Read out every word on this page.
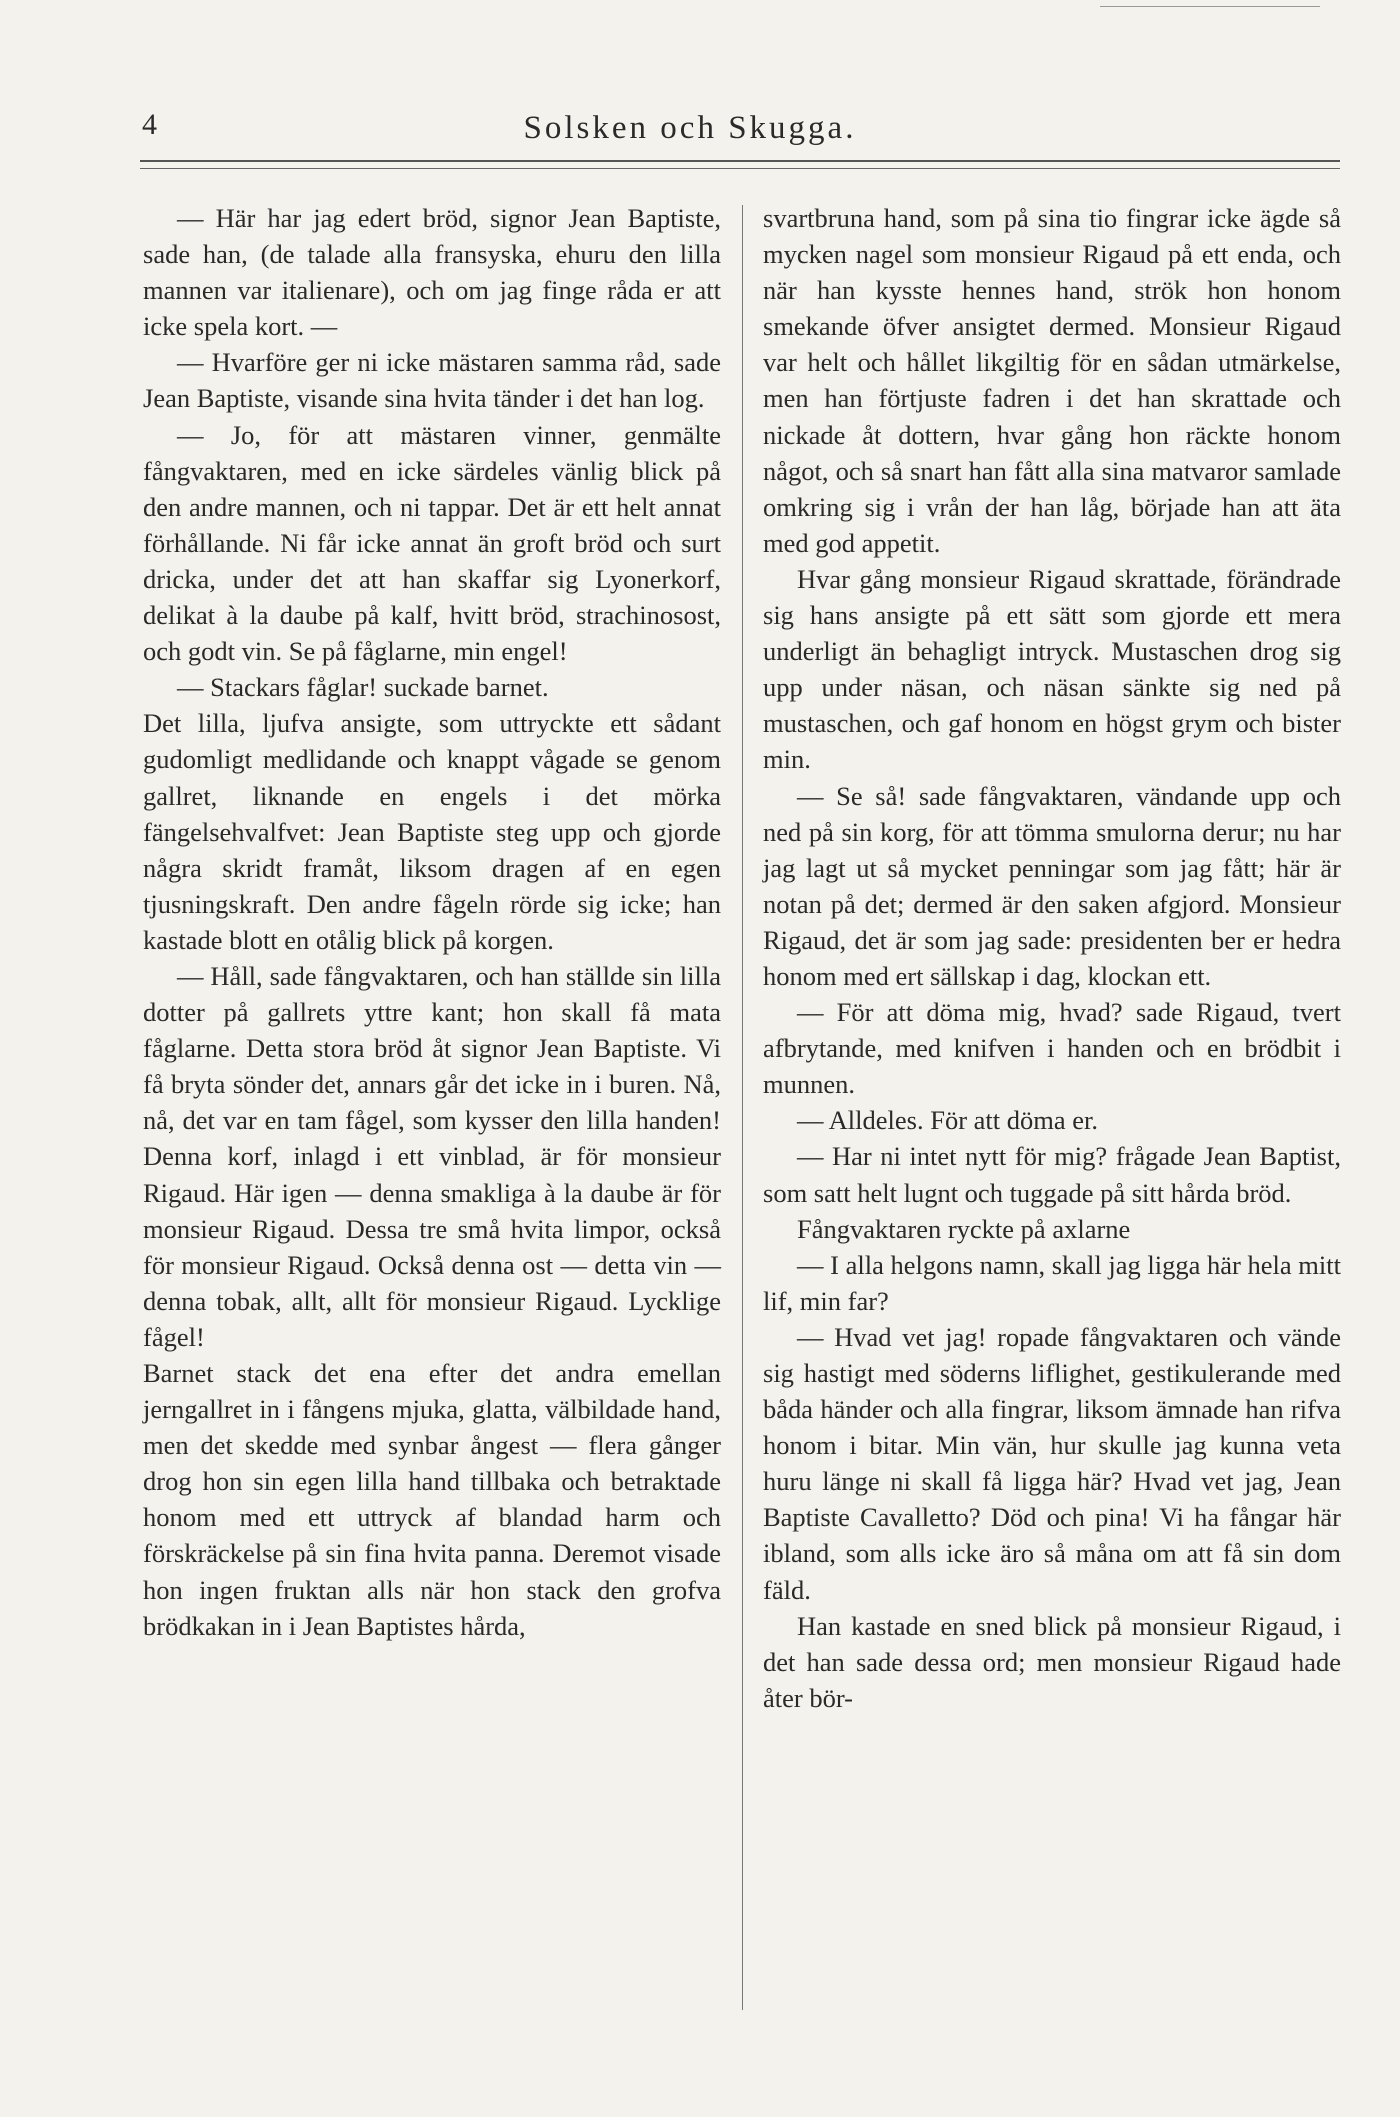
4	Solsken och Skugga.

— Här har jag edert bröd, signor Jean Baptiste, sade han, (de talade alla fransyska, ehuru den lilla mannen var italienare), och om jag finge råda er att icke spela kort. —

— Hvarföre ger ni icke mästaren samma råd, sade Jean Baptiste, visande sina hvita tänder i det han log.

— Jo, för att mästaren vinner, genmälte fångvaktaren, med en icke särdeles vänlig blick på den andre mannen, och ni tappar. Det är ett helt annat förhållande. Ni får icke annat än groft bröd och surt dricka, under det att han skaffar sig Lyonerkorf, delikat à la daube på kalf, hvitt bröd, strachinosost, och godt vin. Se på fåglarne, min engel!

— Stackars fåglar! suckade barnet.

Det lilla, ljufva ansigte, som uttryckte ett sådant gudomligt medlidande och knappt vågade se genom gallret, liknande en engels i det mörka fängelsehvalfvet: Jean Baptiste steg upp och gjorde några skridt framåt, liksom dragen af en egen tjusningskraft. Den andre fågeln rörde sig icke; han kastade blott en otålig blick på korgen.

— Håll, sade fångvaktaren, och han ställde sin lilla dotter på gallrets yttre kant; hon skall få mata fåglarne. Detta stora bröd åt signor Jean Baptiste. Vi få bryta sönder det, annars går det icke in i buren. Nå, nå, det var en tam fågel, som kysser den lilla handen! Denna korf, inlagd i ett vinblad, är för monsieur Rigaud. Här igen — denna smakliga à la daube är för monsieur Rigaud. Dessa tre små hvita limpor, också för monsieur Rigaud. Också denna ost — detta vin — denna tobak, allt, allt för monsieur Rigaud. Lycklige fågel!

Barnet stack det ena efter det andra emellan jerngallret in i fångens mjuka, glatta, välbildade hand, men det skedde med synbar ångest — flera gånger drog hon sin egen lilla hand tillbaka och betraktade honom med ett uttryck af blandad harm och förskräckelse på sin fina hvita panna. Deremot visade hon ingen fruktan alls när hon stack den grofva brödkakan in i Jean Baptistes hårda,

svartbruna hand, som på sina tio fingrar icke ägde så mycken nagel som monsieur Rigaud på ett enda, och när han kysste hennes hand, strök hon honom smekande öfver ansigtet dermed. Monsieur Rigaud var helt och hållet likgiltig för en sådan utmärkelse, men han förtjuste fadren i det han skrattade och nickade åt dottern, hvar gång hon räckte honom något, och så snart han fått alla sina matvaror samlade omkring sig i vrån der han låg, började han att äta med god appetit.

Hvar gång monsieur Rigaud skrattade, förändrade sig hans ansigte på ett sätt som gjorde ett mera underligt än behagligt intryck. Mustaschen drog sig upp under näsan, och näsan sänkte sig ned på mustaschen, och gaf honom en högst grym och bister min.

— Se så! sade fångvaktaren, vändande upp och ned på sin korg, för att tömma smulorna derur; nu har jag lagt ut så mycket penningar som jag fått; här är notan på det; dermed är den saken afgjord. Monsieur Rigaud, det är som jag sade: presidenten ber er hedra honom med ert sällskap i dag, klockan ett.

— För att döma mig, hvad? sade Rigaud, tvert afbrytande, med knifven i handen och en brödbit i munnen.

— Alldeles. För att döma er.

— Har ni intet nytt för mig? frågade Jean Baptist, som satt helt lugnt och tuggade på sitt hårda bröd.

Fångvaktaren ryckte på axlarne

— I alla helgons namn, skall jag ligga här hela mitt lif, min far?

— Hvad vet jag! ropade fångvaktaren och vände sig hastigt med söderns liflighet, gestikulerande med båda händer och alla fingrar, liksom ämnade han rifva honom i bitar. Min vän, hur skulle jag kunna veta huru länge ni skall få ligga här? Hvad vet jag, Jean Baptiste Cavalletto? Död och pina! Vi ha fångar här ibland, som alls icke äro så måna om att få sin dom fäld.

Han kastade en sned blick på monsieur Rigaud, i det han sade dessa ord; men monsieur Rigaud hade åter bör-
